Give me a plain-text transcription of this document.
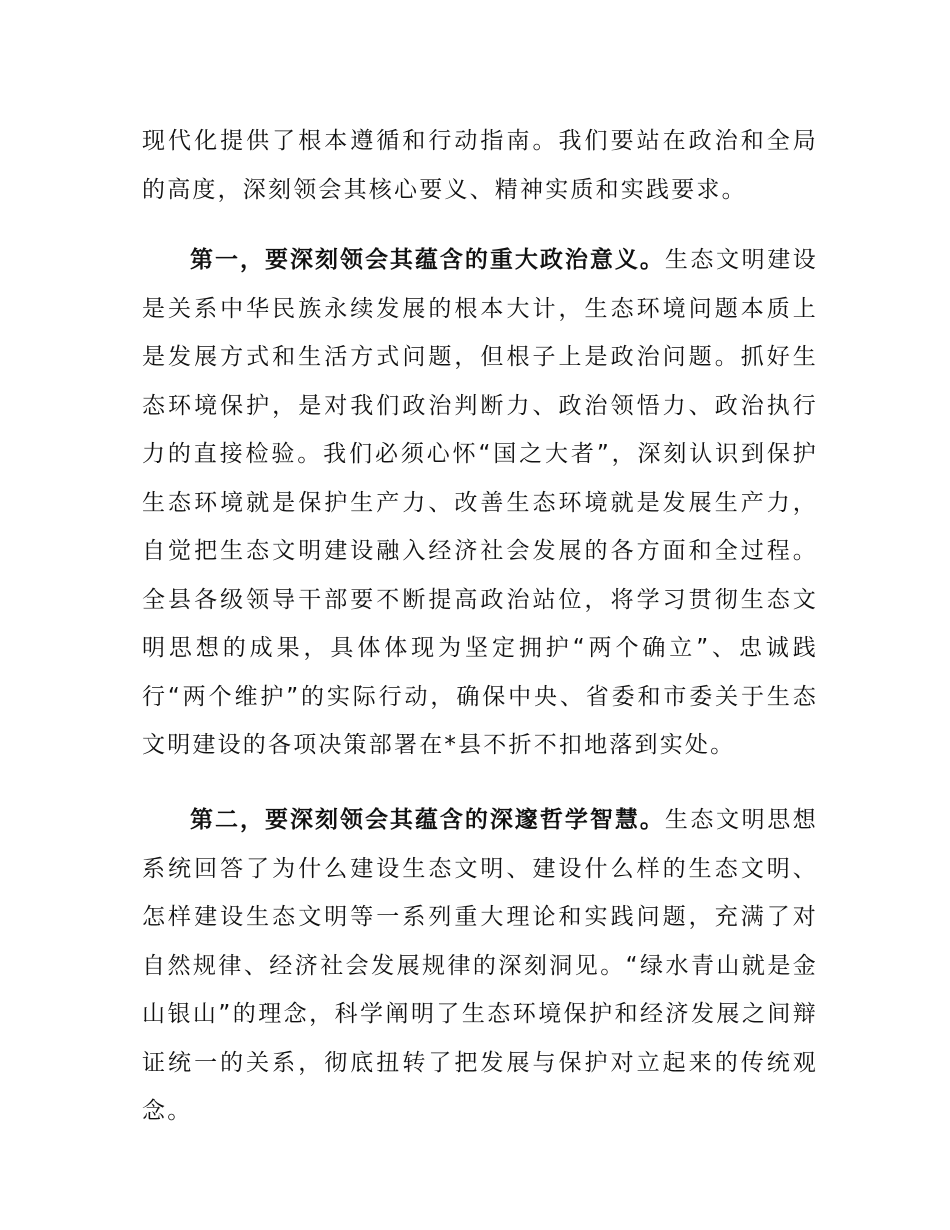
现代化提供了根本遵循和行动指南。我们要站在政治和全局的高度，深刻领会其核心要义、精神实质和实践要求。

第一，要深刻领会其蕴含的重大政治意义。生态文明建设是关系中华民族永续发展的根本大计，生态环境问题本质上是发展方式和生活方式问题，但根子上是政治问题。抓好生态环境保护，是对我们政治判断力、政治领悟力、政治执行力的直接检验。我们必须心怀“国之大者”，深刻认识到保护生态环境就是保护生产力、改善生态环境就是发展生产力，自觉把生态文明建设融入经济社会发展的各方面和全过程。全县各级领导干部要不断提高政治站位，将学习贯彻生态文明思想的成果，具体体现为坚定拥护“两个确立”、忠诚践行“两个维护”的实际行动，确保中央、省委和市委关于生态文明建设的各项决策部署在*县不折不扣地落到实处。

第二，要深刻领会其蕴含的深邃哲学智慧。生态文明思想系统回答了为什么建设生态文明、建设什么样的生态文明、怎样建设生态文明等一系列重大理论和实践问题，充满了对自然规律、经济社会发展规律的深刻洞见。“绿水青山就是金山银山”的理念，科学阐明了生态环境保护和经济发展之间辩证统一的关系，彻底扭转了把发展与保护对立起来的传统观念。
